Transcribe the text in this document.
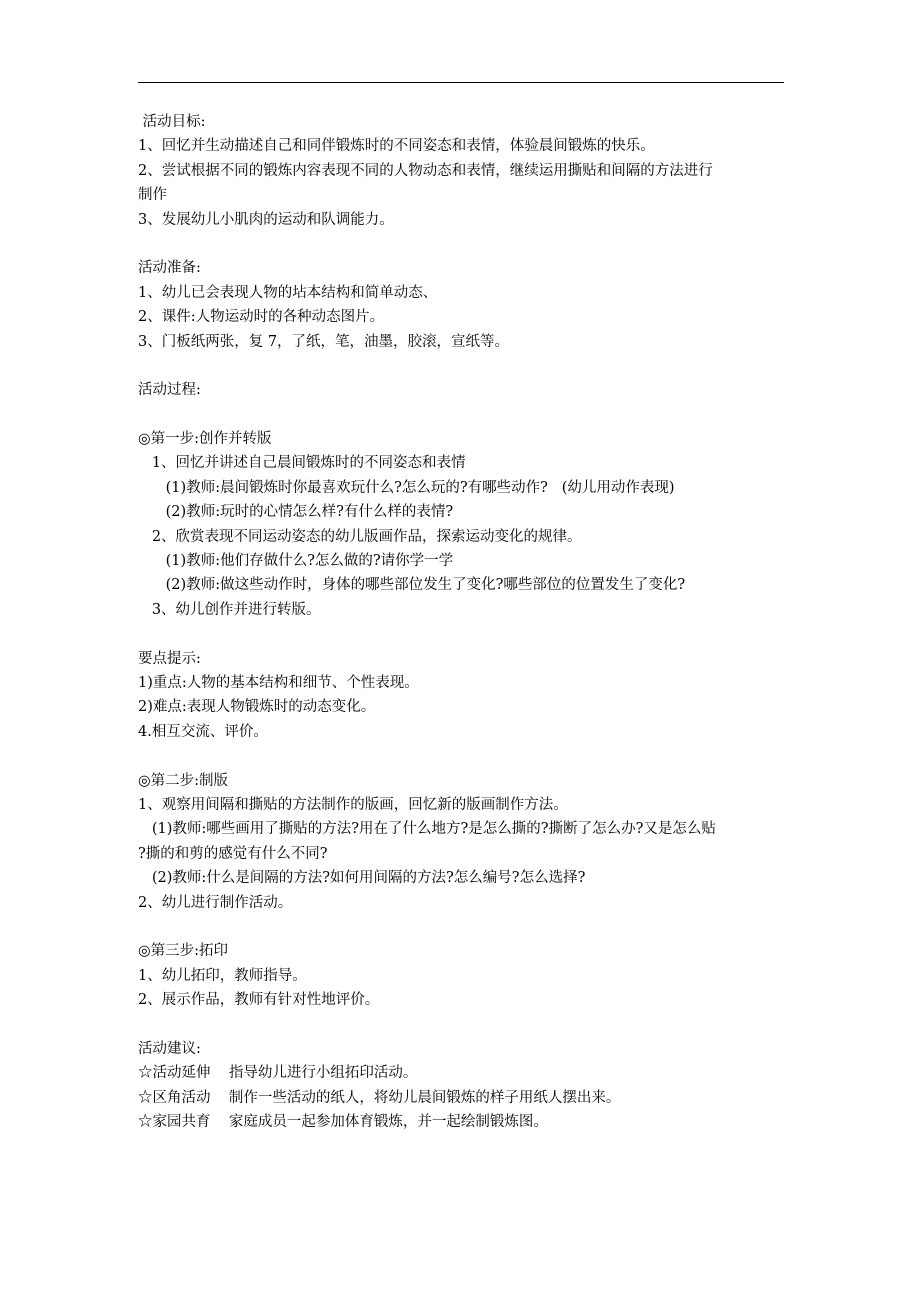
活动目标:
1、回忆并生动描述自己和同伴锻炼时的不同姿态和表情，体验晨间锻炼的快乐。
2、尝试根据不同的锻炼内容表现不同的人物动态和表情，继续运用撕贴和间隔的方法进行
制作
3、发展幼儿小肌肉的运动和队调能力。
活动准备:
1、幼儿已会表现人物的坫本结构和简单动态、
2、课件:人物运动时的各种动态图片。
3、门板纸两张，复 7，了纸，笔，油墨，胶滚，宣纸等。
活动过程:
◎第一步:创作并转版
1、回忆并讲述自己晨间锻炼时的不同姿态和表情
(1)教师:晨间锻炼时你最喜欢玩什么?怎么玩的?有哪些动作?   (幼儿用动作表现)
(2)教师:玩时的心情怎么样?有什么样的表情?
2、欣赏表现不同运动姿态的幼儿版画作品，探索运动变化的规律。
(1)教师:他们存做什么?怎么做的?请你学一学
(2)教师:做这些动作时，身体的哪些部位发生了变化?哪些部位的位置发生了变化?
3、幼儿创作并进行转版。
要点提示:
1)重点:人物的基本结构和细节、个性表现。
2)难点:表现人物锻炼时的动态变化。
4.相互交流、评价。
◎第二步:制版
1、观察用间隔和撕贴的方法制作的版画，回忆新的版画制作方法。
(1)教师:哪些画用了撕贴的方法?用在了什么地方?是怎么撕的?撕断了怎么办?又是怎么贴
?撕的和剪的感觉有什么不同?
(2)教师:什么是间隔的方法?如何用间隔的方法?怎么编号?怎么选择?
2、幼儿进行制作活动。
◎第三步:拓印
1、幼儿拓印，教师指导。
2、展示作品，教师有针对性地评价。
活动建议:
☆活动延伸    指导幼儿进行小组拓印活动。
☆区角活动    制作一些活动的纸人，将幼儿晨间锻炼的样子用纸人摆出来。
☆家园共育    家庭成员一起参加体育锻炼，并一起绘制锻炼图。
